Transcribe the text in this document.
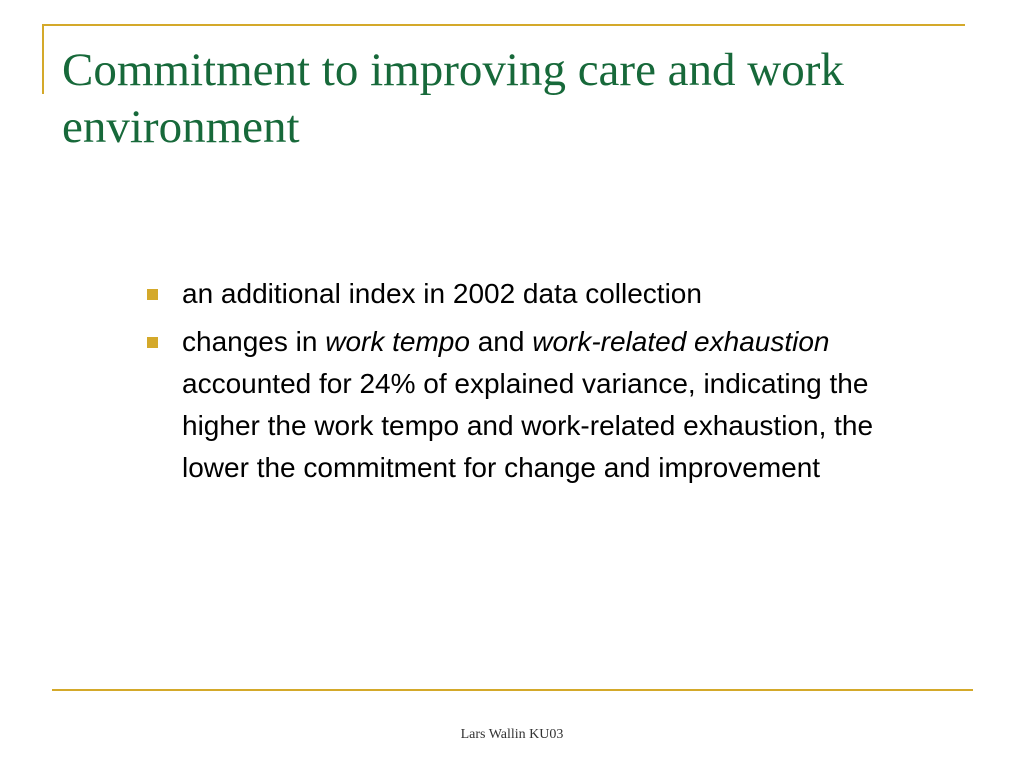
Commitment to improving care and work environment
an additional index in 2002 data collection
changes in work tempo and work-related exhaustion accounted for 24% of explained variance, indicating the higher the work tempo and work-related exhaustion, the lower the commitment for change and improvement
Lars Wallin KU03
